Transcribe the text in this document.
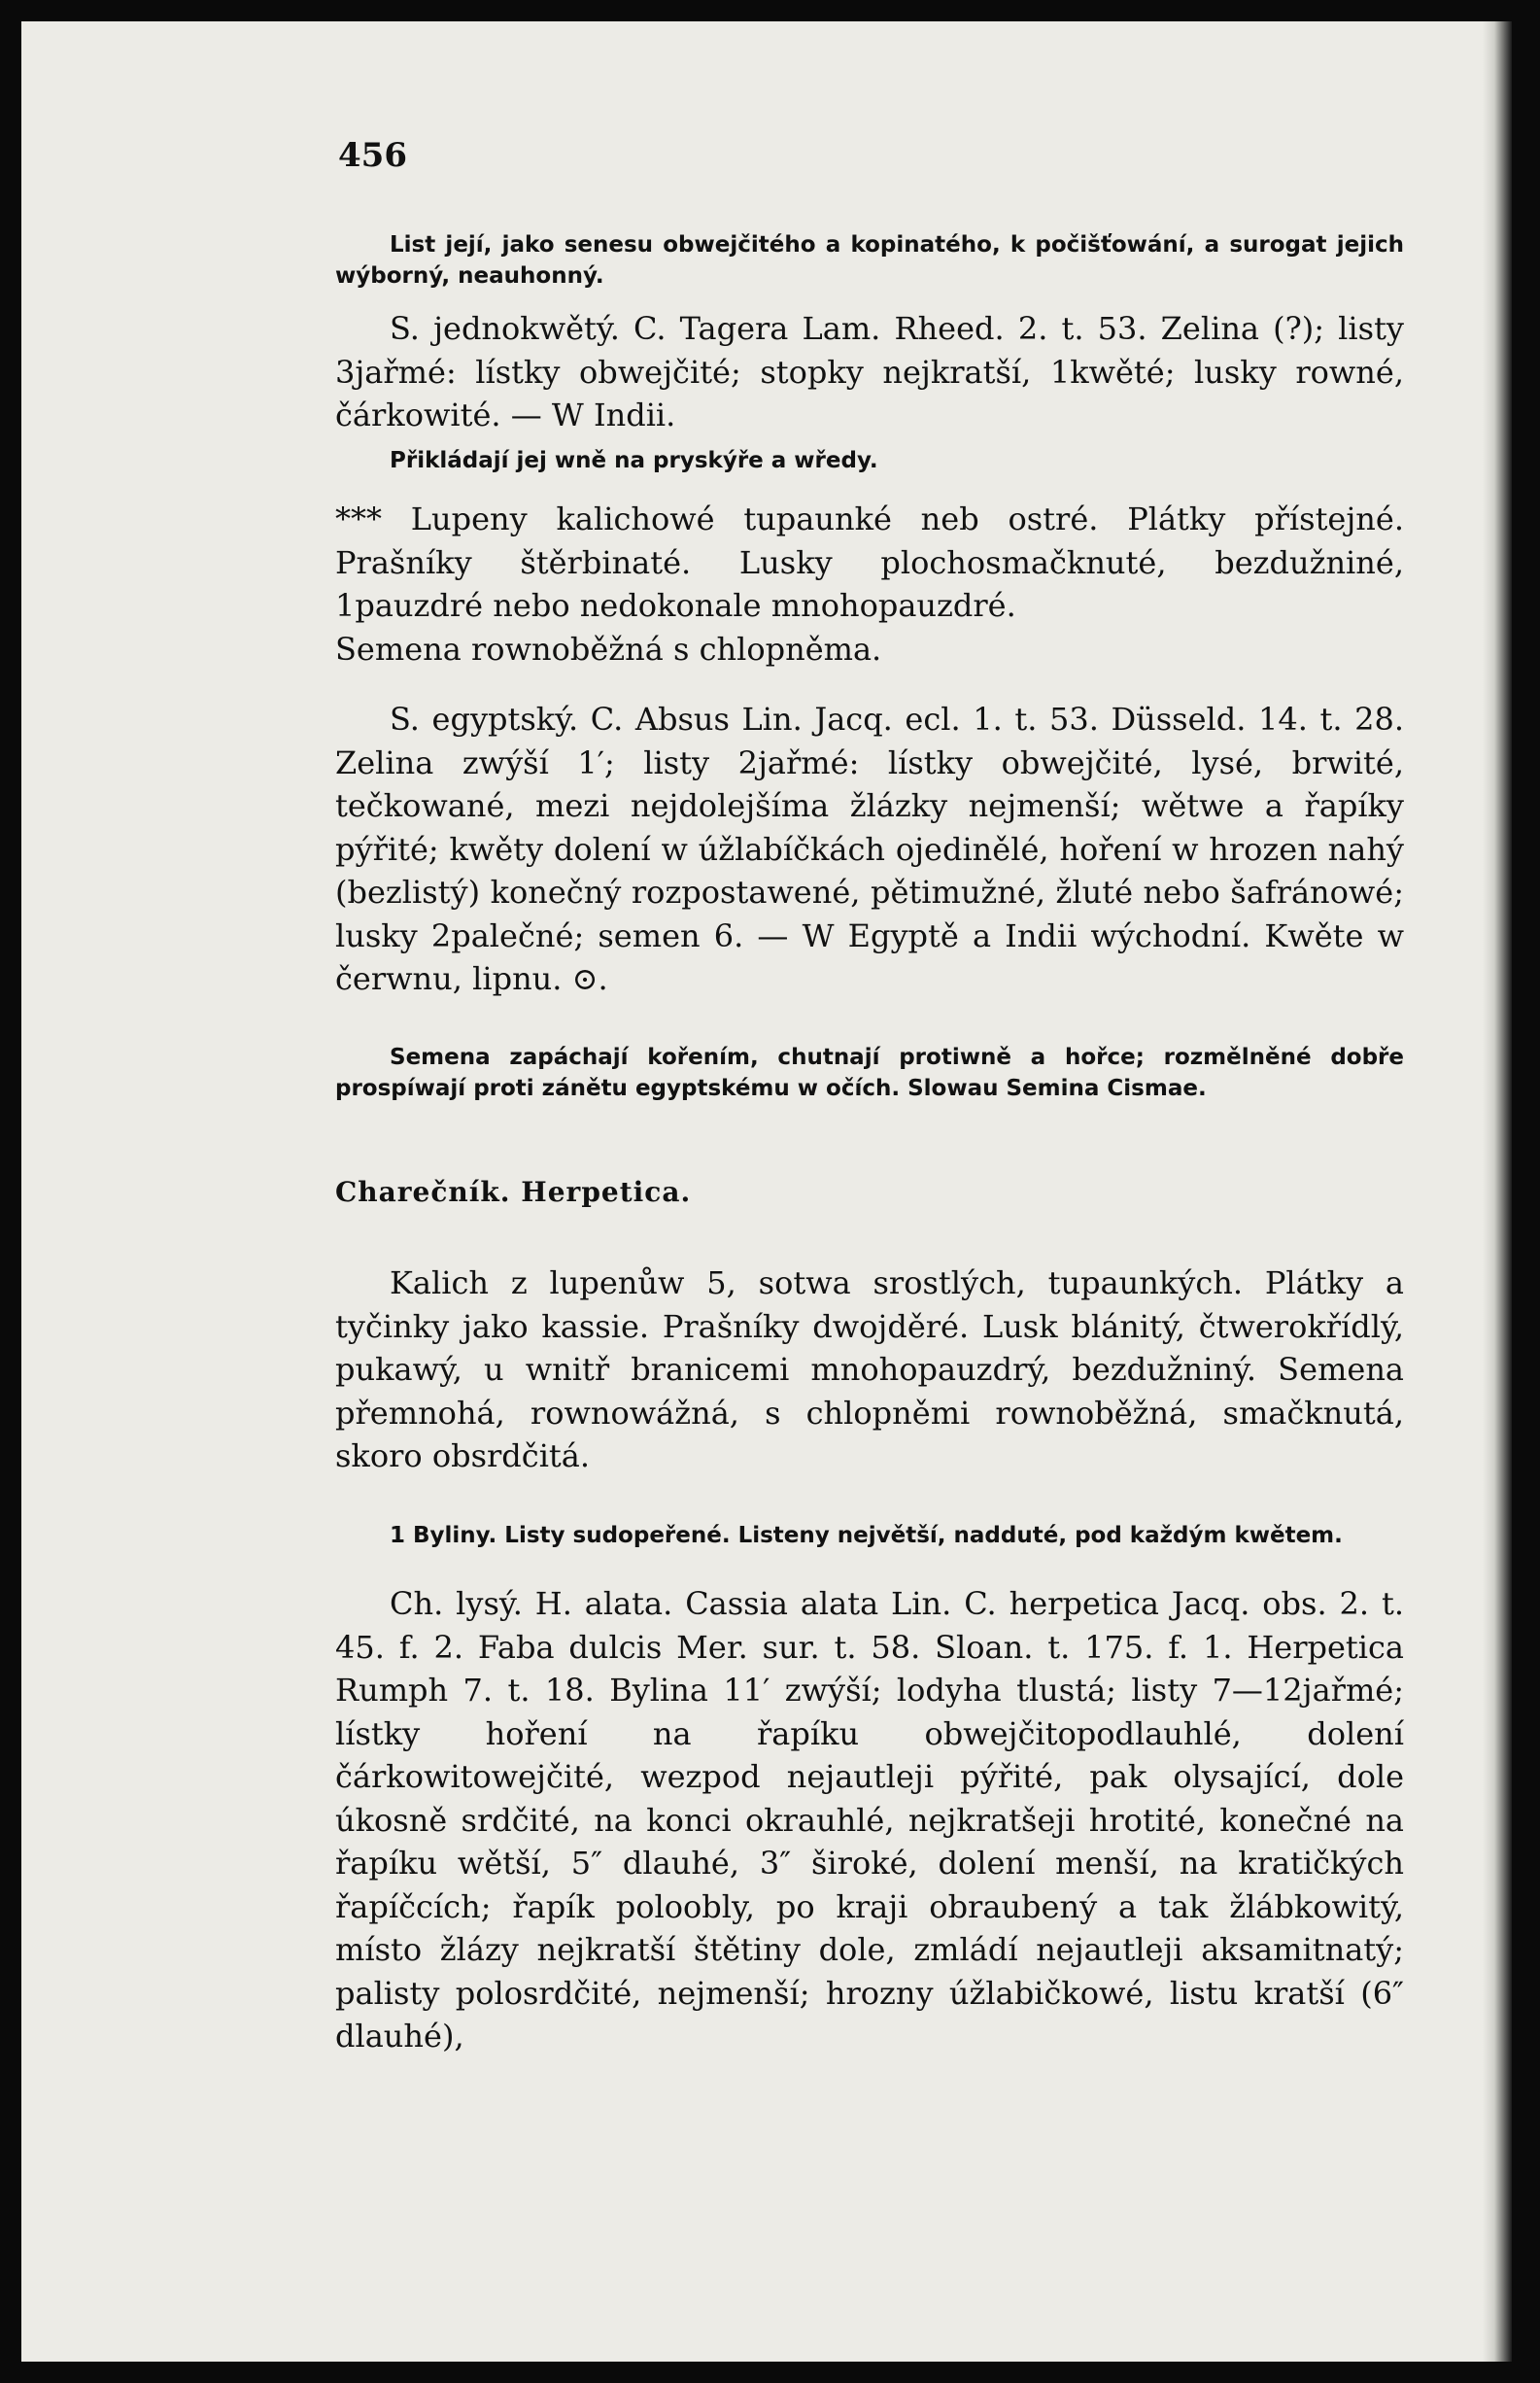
456
List její, jako senesu obwejčitého a kopinatého, k počišťowání, a surogat jejich wýborný, neauhonný.
S. jednokwětý. C. Tagera Lam. Rheed. 2. t. 53. Zelina (?); listy 3jařmé: lístky obwejčité; stopky nejkratší, 1kwěté; lusky rowné, čárkowité. — W Indii.
Přikládají jej wně na pryskýře a wředy.
*** Lupeny kalichowé tupaunké neb ostré. Plátky přístejné. Prašníky štěrbinaté. Lusky plochosmačknuté, bezdužniné, 1pauzdré nebo nedokonale mnohopauzdré.
Semena rownoběžná s chlopněma.
S. egyptský. C. Absus Lin. Jacq. ecl. 1. t. 53. Düsseld. 14. t. 28. Zelina zwýší 1′; listy 2jařmé: lístky obwejčité, lysé, brwité, tečkowané, mezi nejdolejšíma žlázky nejmenší; wětwe a řapíky pýřité; kwěty dolení w úžlabíčkách ojedinělé, hoření w hrozen nahý (bezlistý) konečný rozpostawené, pětimužné, žluté nebo šafránowé; lusky 2palečné; semen 6. — W Egyptě a Indii wýchodní. Kwěte w čerwnu, lipnu. ⊙.
Semena zapáchají kořením, chutnají protiwně a hořce; rozmělněné dobře prospíwají proti zánětu egyptskému w očích. Slowau Semina Cismae.
Charečník. Herpetica.
Kalich z lupenůw 5, sotwa srostlých, tupaunkých. Plátky a tyčinky jako kassie. Prašníky dwojděré. Lusk blánitý, čtwerokřídlý, pukawý, u wnitř branicemi mnohopauzdrý, bezdužniný. Semena přemnohá, rownowážná, s chlopněmi rownoběžná, smačknutá, skoro obsrdčitá.
1 Byliny. Listy sudopeřené. Listeny největší, nadduté, pod každým kwětem.
Ch. lysý. H. alata. Cassia alata Lin. C. herpetica Jacq. obs. 2. t. 45. f. 2. Faba dulcis Mer. sur. t. 58. Sloan. t. 175. f. 1. Herpetica Rumph 7. t. 18. Bylina 11′ zwýší; lodyha tlustá; listy 7—12jařmé; lístky hoření na řapíku obwejčitopodlauhlé, dolení čárkowitowejčité, wezpod nejautleji pýřité, pak olysající, dole úkosně srdčité, na konci okrauhlé, nejkratšeji hrotité, konečné na řapíku wětší, 5″ dlauhé, 3″ široké, dolení menší, na kratičkých řapíčcích; řapík poloobly, po kraji obraubený a tak žlábkowitý, místo žlázy nejkratší štětiny dole, zmládí nejautleji aksamitnatý; palisty polosrdčité, nejmenší; hrozny úžlabičkowé, listu kratší (6″ dlauhé),
